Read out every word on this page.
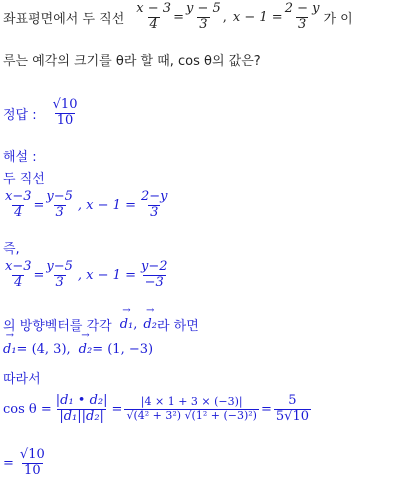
좌표평면에서 두 직선 $\frac{x - 3}{4} = \frac{y - 5}{3}$ , $x - 1 = \frac{2 - y}{3}$ 가 이
루는 예각의 크기를 θ라 할 때, cos θ의 값은?
정답 : $\frac{√10}{10}$
해설 :
두 직선
$\frac{x-3}{4} = \frac{y-5}{3}$ , $x - 1 = \frac{2-y}{3}$
즉,
$\frac{x-3}{4} = \frac{y-5}{3}$ , $x - 1 = \frac{y-2}{-3}$
의 방향벡터를 각각 → d₁ , → d₂ 라 하면
→ d₁ = (4, 3), → d₂ = (1, −3)
따라서
$\cos \theta = \frac{\text{|d₁ • d₂|}}{\text{|d₁||d₂|}} = \frac{|4 \times 1 + 3 \times (-3)|}{\text{√(4² + 3²) √(1² + (−3)²)}} = \frac{5}{5√10}$
= $\frac{√10}{10}$
